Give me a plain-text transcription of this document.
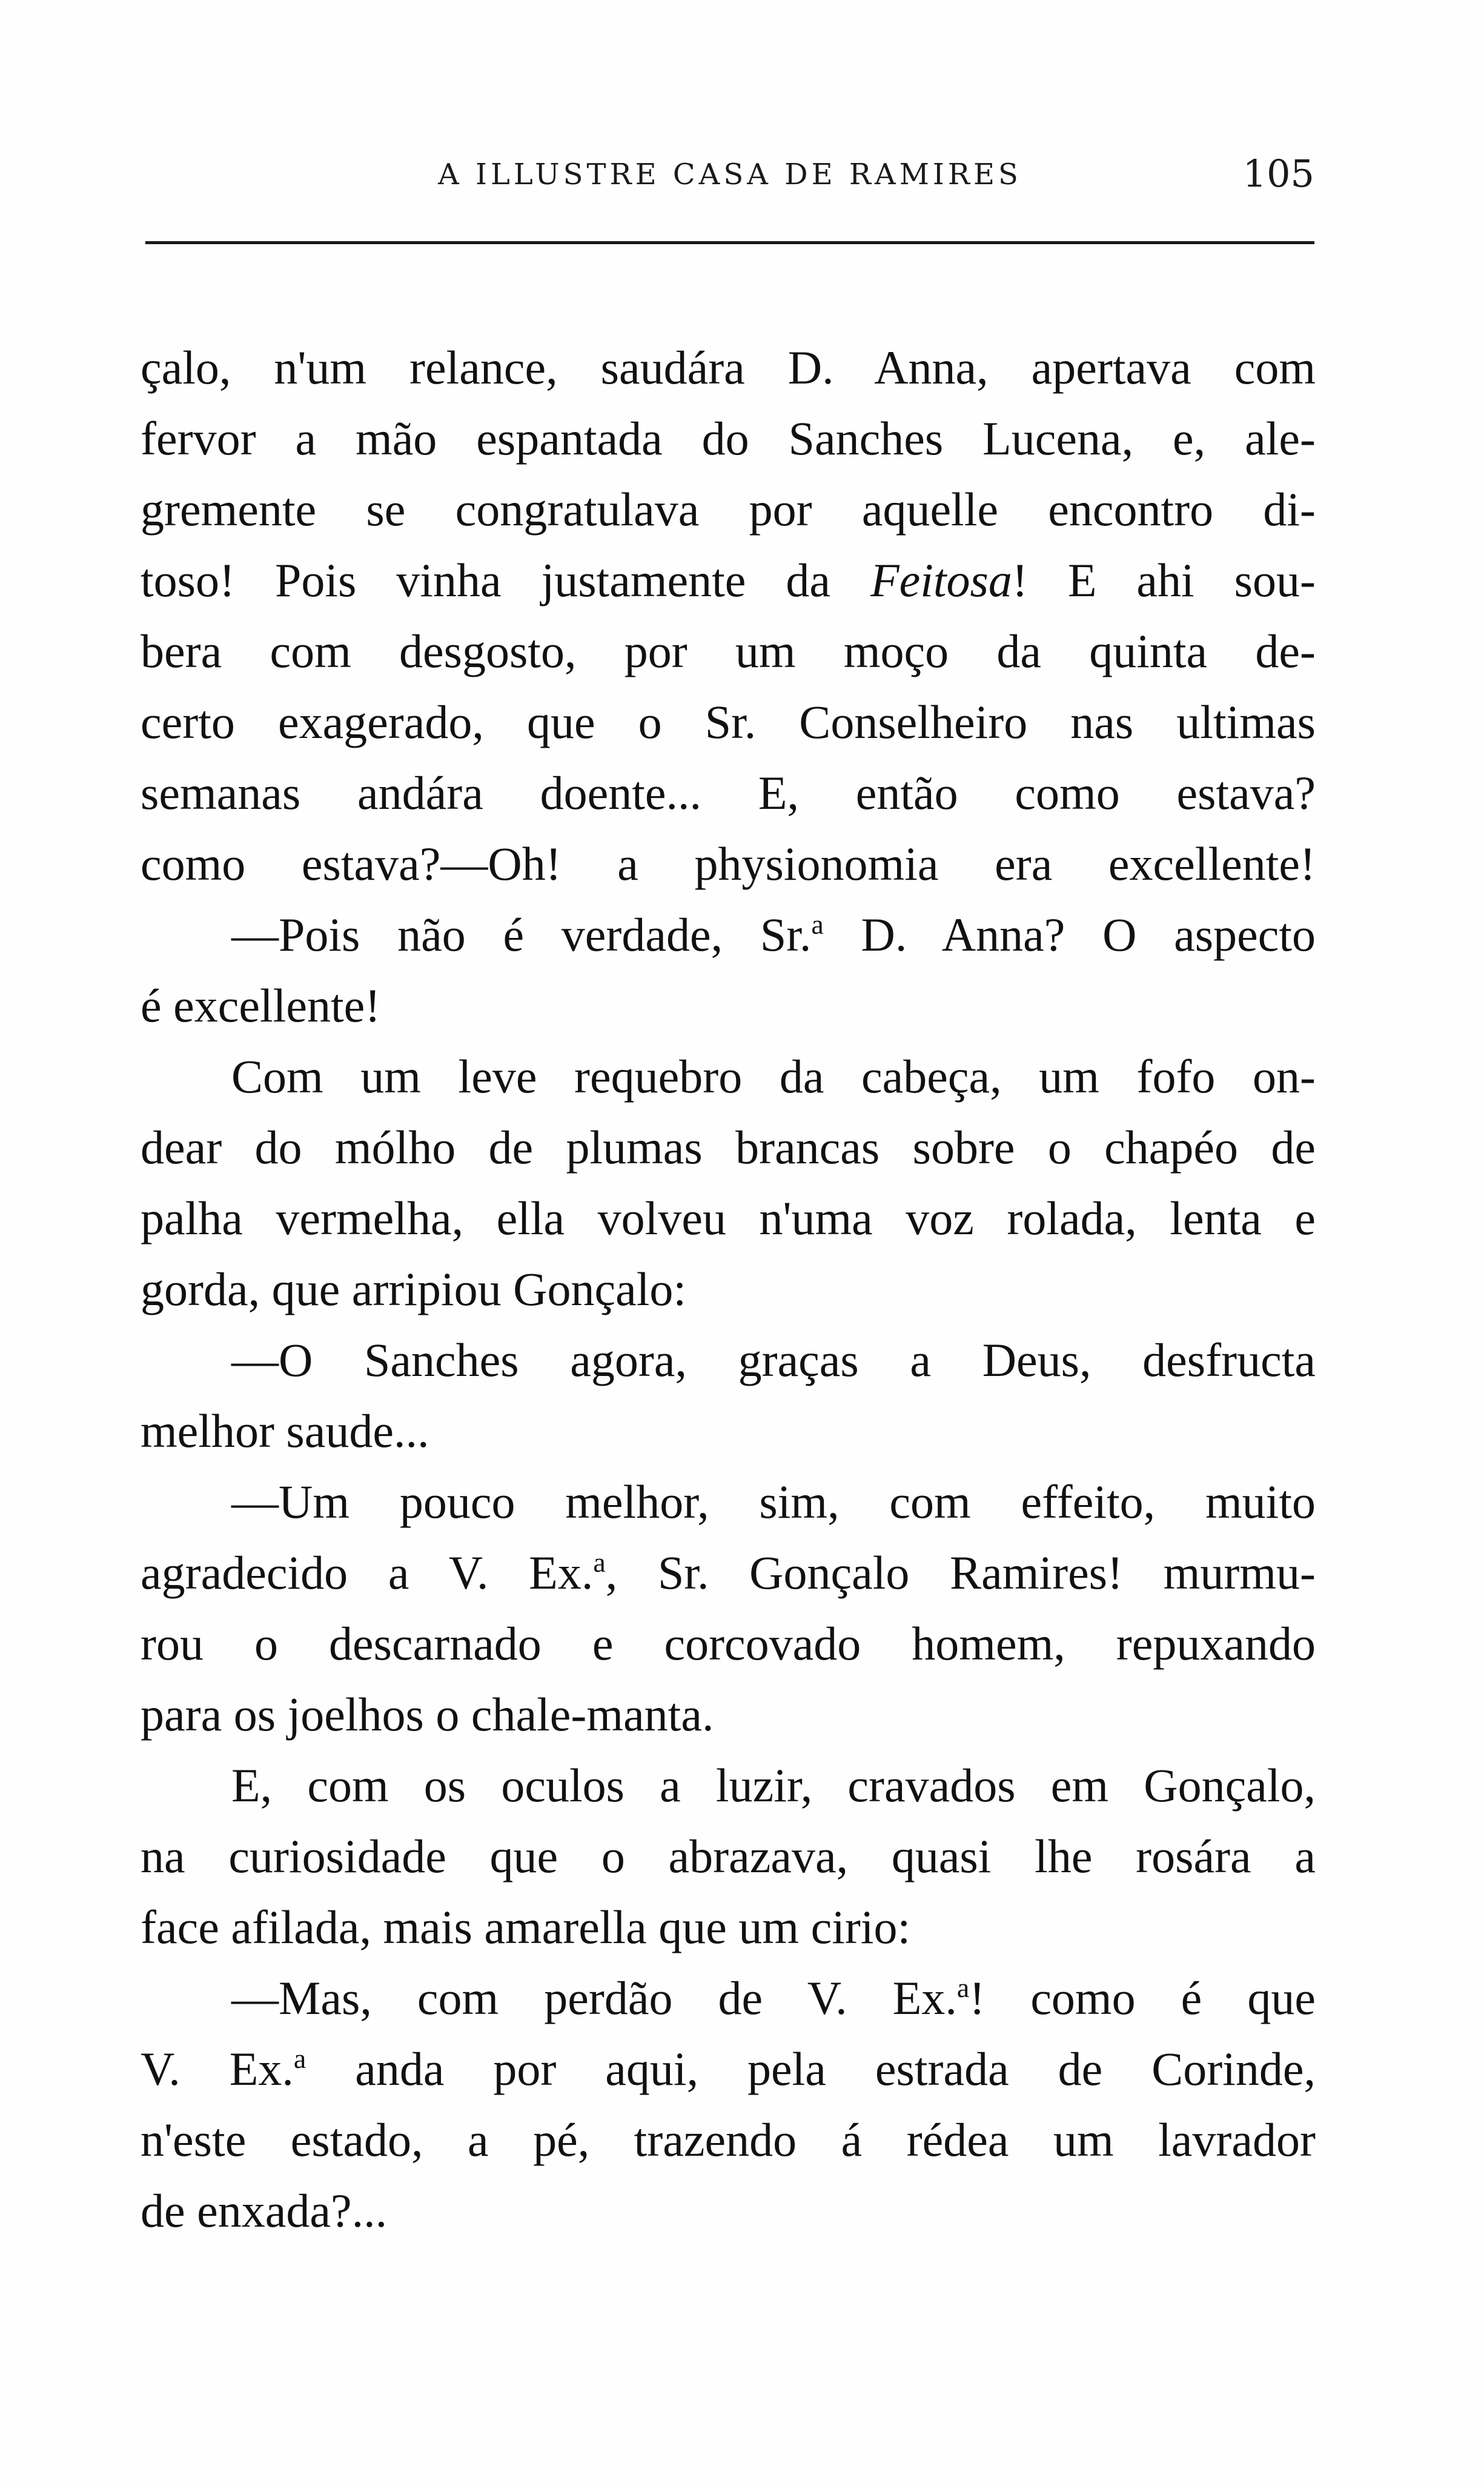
A ILLUSTRE CASA DE RAMIRES	105
çalo, n'um relance, saudára D. Anna, apertava com
fervor a mão espantada do Sanches Lucena, e, ale-
gremente se congratulava por aquelle encontro di-
toso! Pois vinha justamente da Feitosa! E ahi sou-
bera com desgosto, por um moço da quinta de-
certo exagerado, que o Sr. Conselheiro nas ultimas
semanas andára doente... E, então como estava?
como estava?—Oh! a physionomia era excellente!
—Pois não é verdade, Sr.$^a$ D. Anna? O aspecto
é excellente!
Com um leve requebro da cabeça, um fofo on-
dear do mólho de plumas brancas sobre o chapéo de
palha vermelha, ella volveu n'uma voz rolada, lenta e
gorda, que arripiou Gonçalo:
—O Sanches agora, graças a Deus, desfructa
melhor saude...
—Um pouco melhor, sim, com effeito, muito
agradecido a V. Ex.$^a$, Sr. Gonçalo Ramires! murmu-
rou o descarnado e corcovado homem, repuxando
para os joelhos o chale-manta.
E, com os oculos a luzir, cravados em Gonçalo,
na curiosidade que o abrazava, quasi lhe rosára a
face afilada, mais amarella que um cirio:
—Mas, com perdão de V. Ex.$^a$! como é que
V. Ex.$^a$ anda por aqui, pela estrada de Corinde,
n'este estado, a pé, trazendo á rédea um lavrador
de enxada?...
